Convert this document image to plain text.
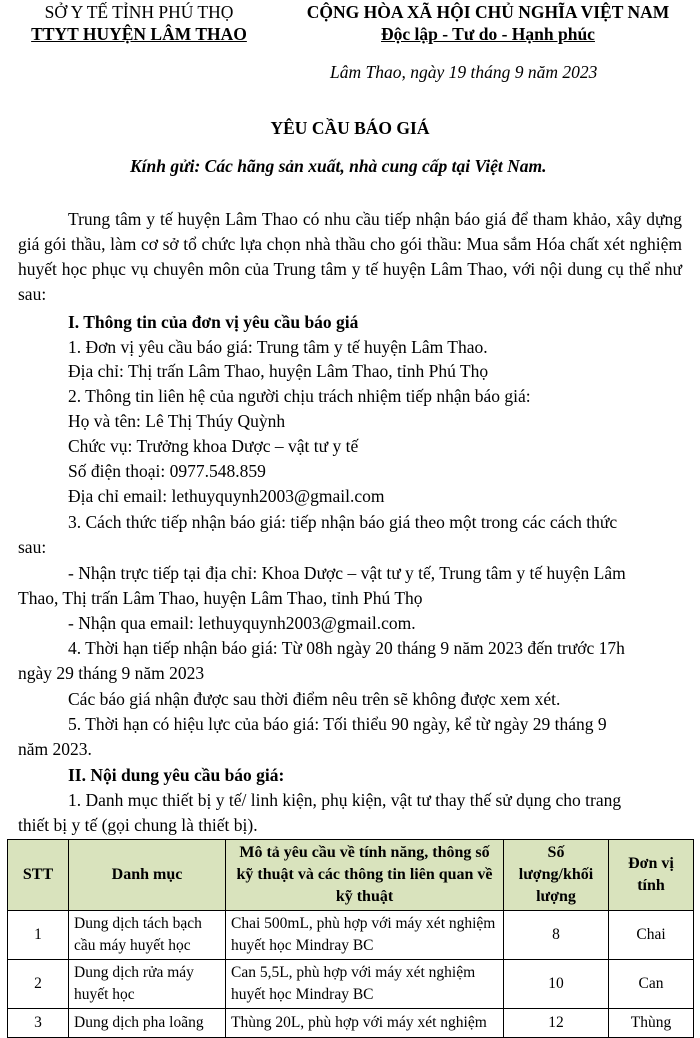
SỞ Y TẾ TỈNH PHÚ THỌ
TTYT HUYỆN LÂM THAO
CỘNG HÒA XÃ HỘI CHỦ NGHĨA VIỆT NAM
Độc lập - Tư do - Hạnh phúc
Lâm Thao, ngày 19 tháng 9 năm 2023
YÊU CẦU BÁO GIÁ
Kính gửi: Các hãng sản xuất, nhà cung cấp tại Việt Nam.

Trung tâm y tế huyện Lâm Thao có nhu cầu tiếp nhận báo giá để tham khảo, xây dựng giá gói thầu, làm cơ sở tổ chức lựa chọn nhà thầu cho gói thầu: Mua sắm Hóa chất xét nghiệm huyết học phục vụ chuyên môn của Trung tâm y tế huyện Lâm Thao, với nội dung cụ thể như sau:

I. Thông tin của đơn vị yêu cầu báo giá
1. Đơn vị yêu cầu báo giá: Trung tâm y tế huyện Lâm Thao.
Địa chỉ: Thị trấn Lâm Thao, huyện Lâm Thao, tỉnh Phú Thọ
2. Thông tin liên hệ của người chịu trách nhiệm tiếp nhận báo giá:
Họ và tên: Lê Thị Thúy Quỳnh
Chức vụ: Trưởng khoa Dược – vật tư y tế
Số điện thoại: 0977.548.859
Địa chỉ email: lethuyquynh2003@gmail.com
3. Cách thức tiếp nhận báo giá: tiếp nhận báo giá theo một trong các cách thức
sau:
- Nhận trực tiếp tại địa chỉ: Khoa Dược – vật tư y tế, Trung tâm y tế huyện Lâm
Thao, Thị trấn Lâm Thao, huyện Lâm Thao, tỉnh Phú Thọ
- Nhận qua email: lethuyquynh2003@gmail.com.
4. Thời hạn tiếp nhận báo giá: Từ 08h ngày 20 tháng 9 năm 2023 đến trước 17h
ngày 29 tháng 9 năm 2023
Các báo giá nhận được sau thời điểm nêu trên sẽ không được xem xét.
5. Thời hạn có hiệu lực của báo giá: Tối thiểu 90 ngày, kể từ ngày 29 tháng 9
năm 2023.
II. Nội dung yêu cầu báo giá:
1. Danh mục thiết bị y tế/ linh kiện, phụ kiện, vật tư thay thế sử dụng cho trang
thiết bị y tế (gọi chung là thiết bị).
STT	Danh mục	Mô tả yêu cầu về tính năng, thông số kỹ thuật và các thông tin liên quan về kỹ thuật	Số lượng/khối lượng	Đơn vị tính
1	Dung dịch tách bạch cầu máy huyết học	Chai 500mL, phù hợp với máy xét nghiệm huyết học Mindray BC	8	Chai
2	Dung dịch rửa máy huyết học	Can 5,5L, phù hợp với máy xét nghiệm huyết học Mindray BC	10	Can
3	Dung dịch pha loãng	Thùng 20L, phù hợp với máy xét nghiệm	12	Thùng
